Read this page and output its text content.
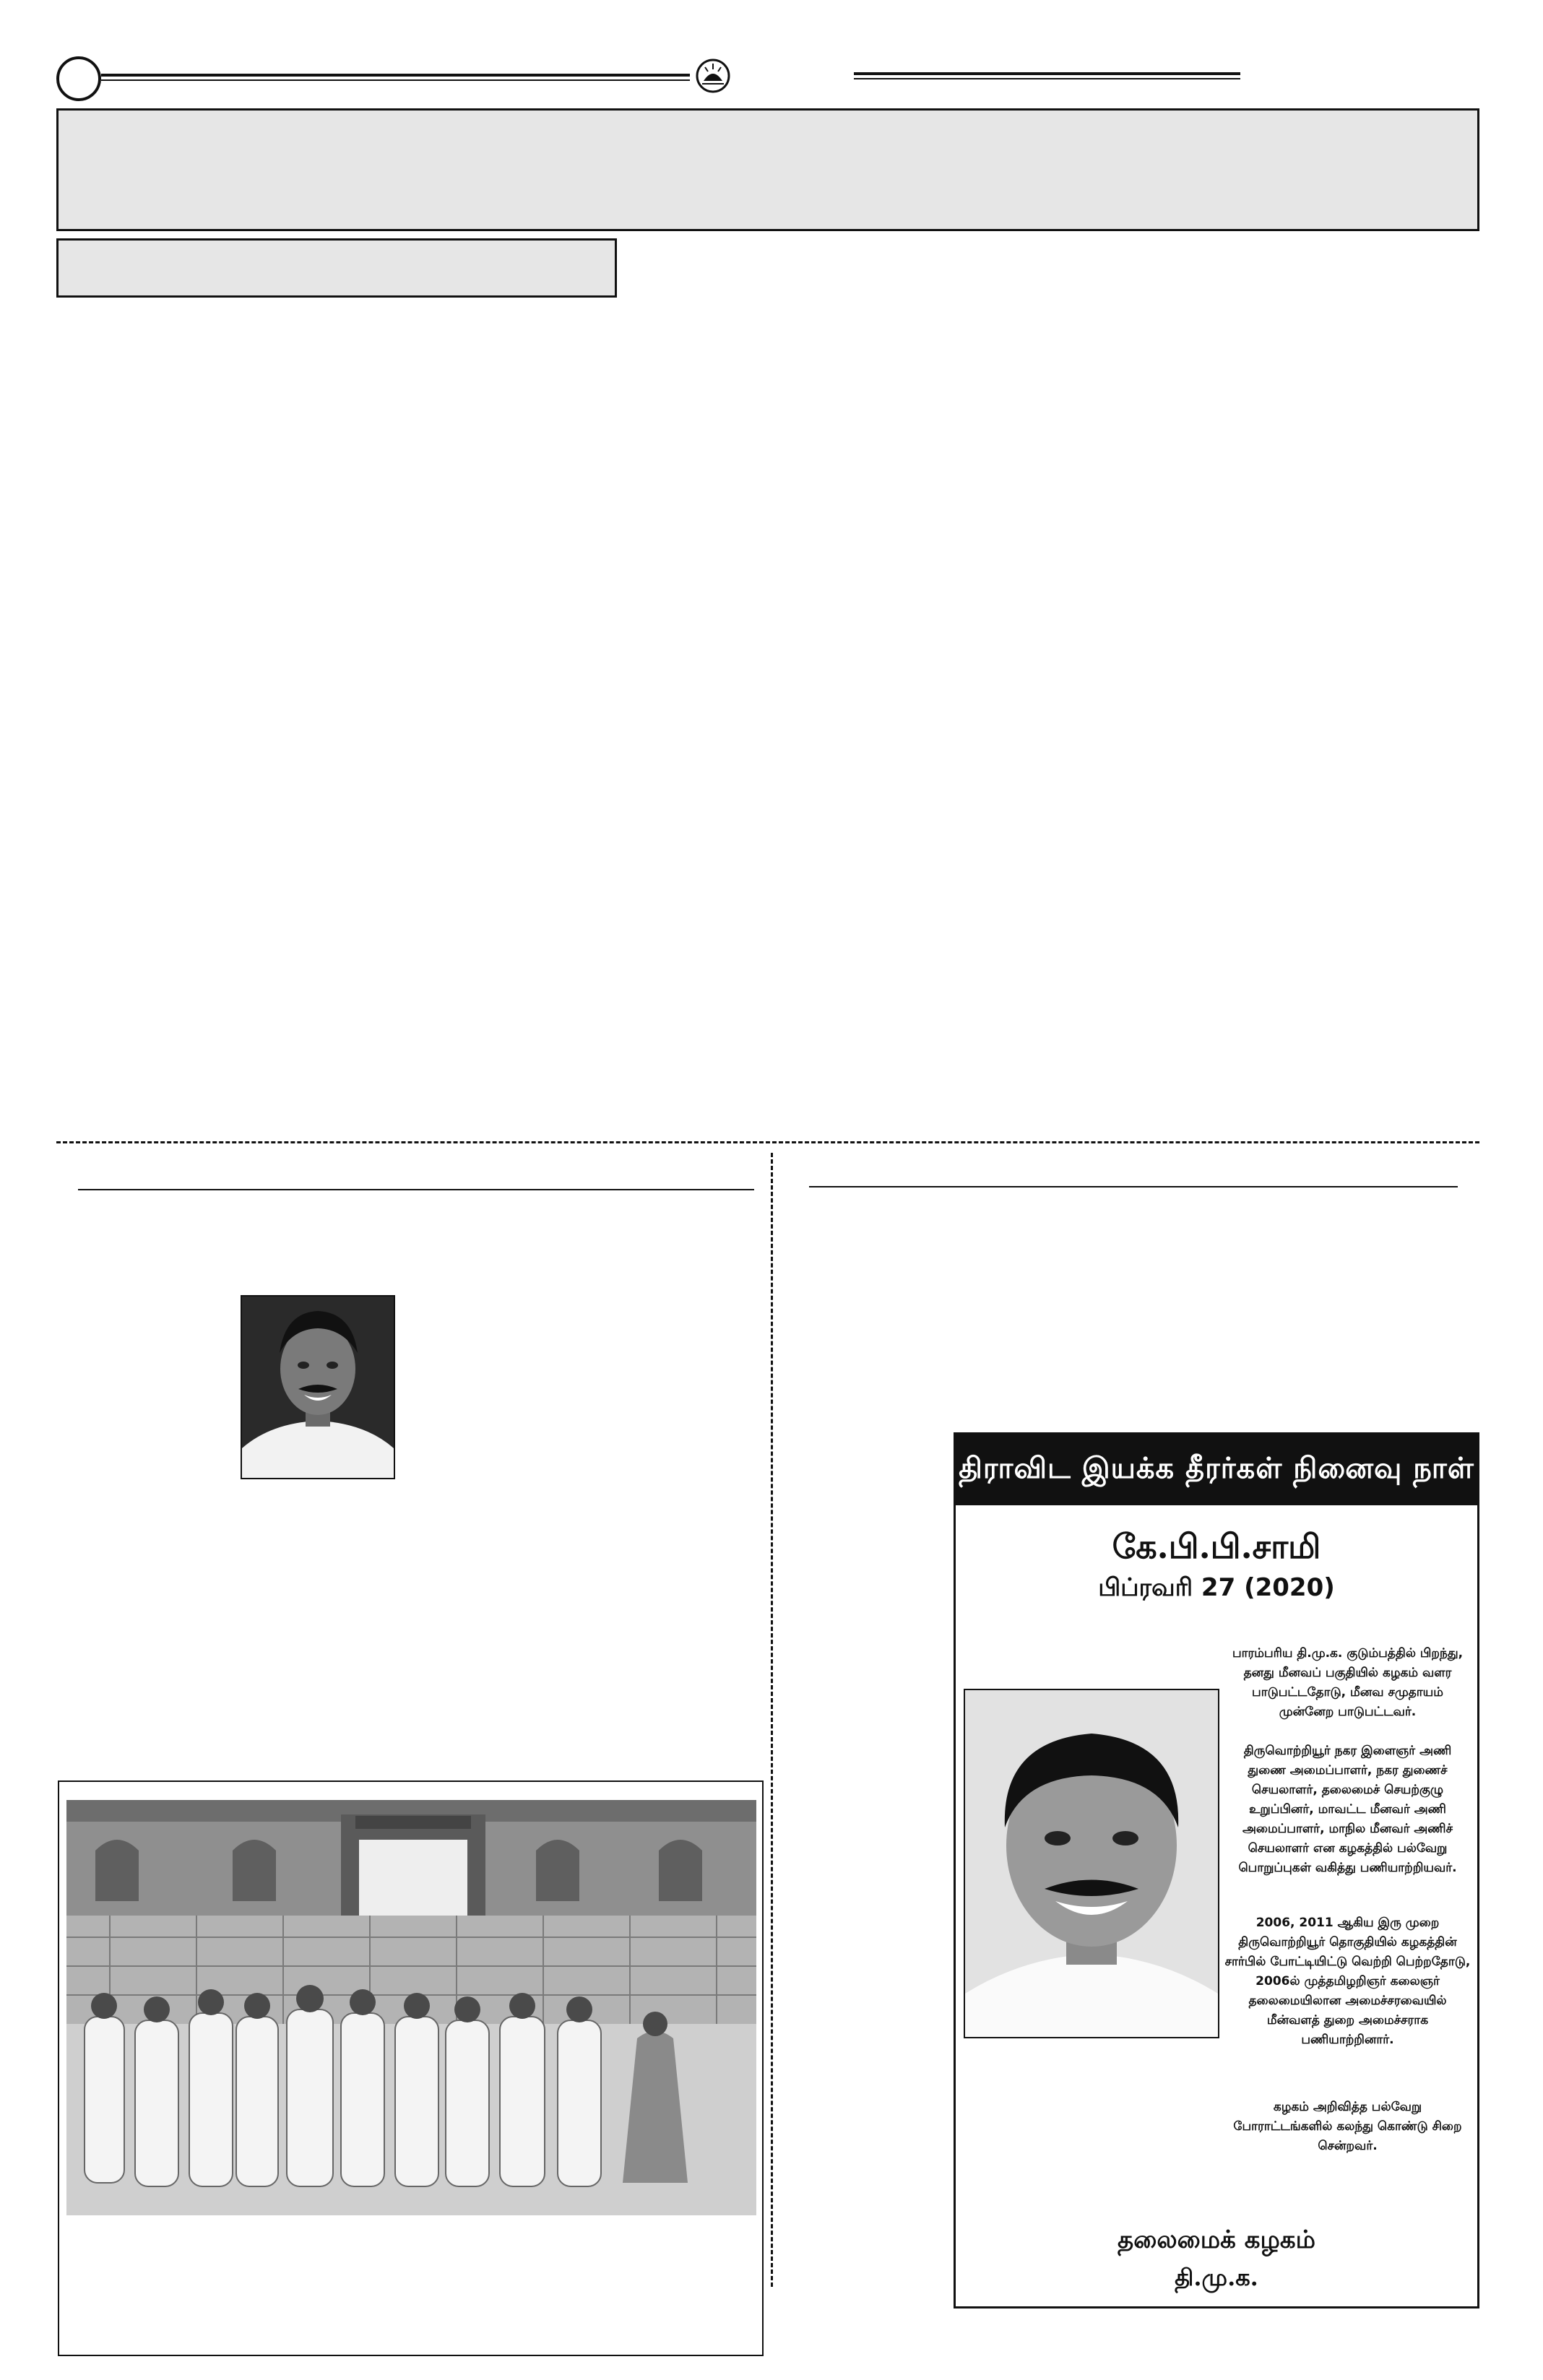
திராவிட இயக்க தீரர்கள் நினைவு நாள்
கே.பி.பி.சாமி
பிப்ரவரி 27 (2020)
பாரம்பரிய தி.மு.க. குடும்பத்தில் பிறந்து, தனது மீனவப் பகுதியில் கழகம் வளர பாடுபட்டதோடு, மீனவ சமுதாயம் முன்னேற பாடுபட்டவர்.
திருவொற்றியூர் நகர இளைஞர் அணி துணை அமைப்பாளர், நகர துணைச் செயலாளர், தலைமைச் செயற்குழு உறுப்பினர், மாவட்ட மீனவர் அணி அமைப்பாளர், மாநில மீனவர் அணிச் செயலாளர் என கழகத்தில் பல்வேறு பொறுப்புகள் வகித்து பணியாற்றியவர்.
2006, 2011 ஆகிய இரு முறை திருவொற்றியூர் தொகுதியில் கழகத்தின் சார்பில் போட்டியிட்டு வெற்றி பெற்றதோடு, 2006ல் முத்தமிழறிஞர் கலைஞர் தலைமையிலான அமைச்சரவையில் மீன்வளத் துறை அமைச்சராக பணியாற்றினார்.
கழகம் அறிவித்த பல்வேறு போராட்டங்களில் கலந்து கொண்டு சிறை சென்றவர்.
தலைமைக் கழகம்
தி.மு.க.
